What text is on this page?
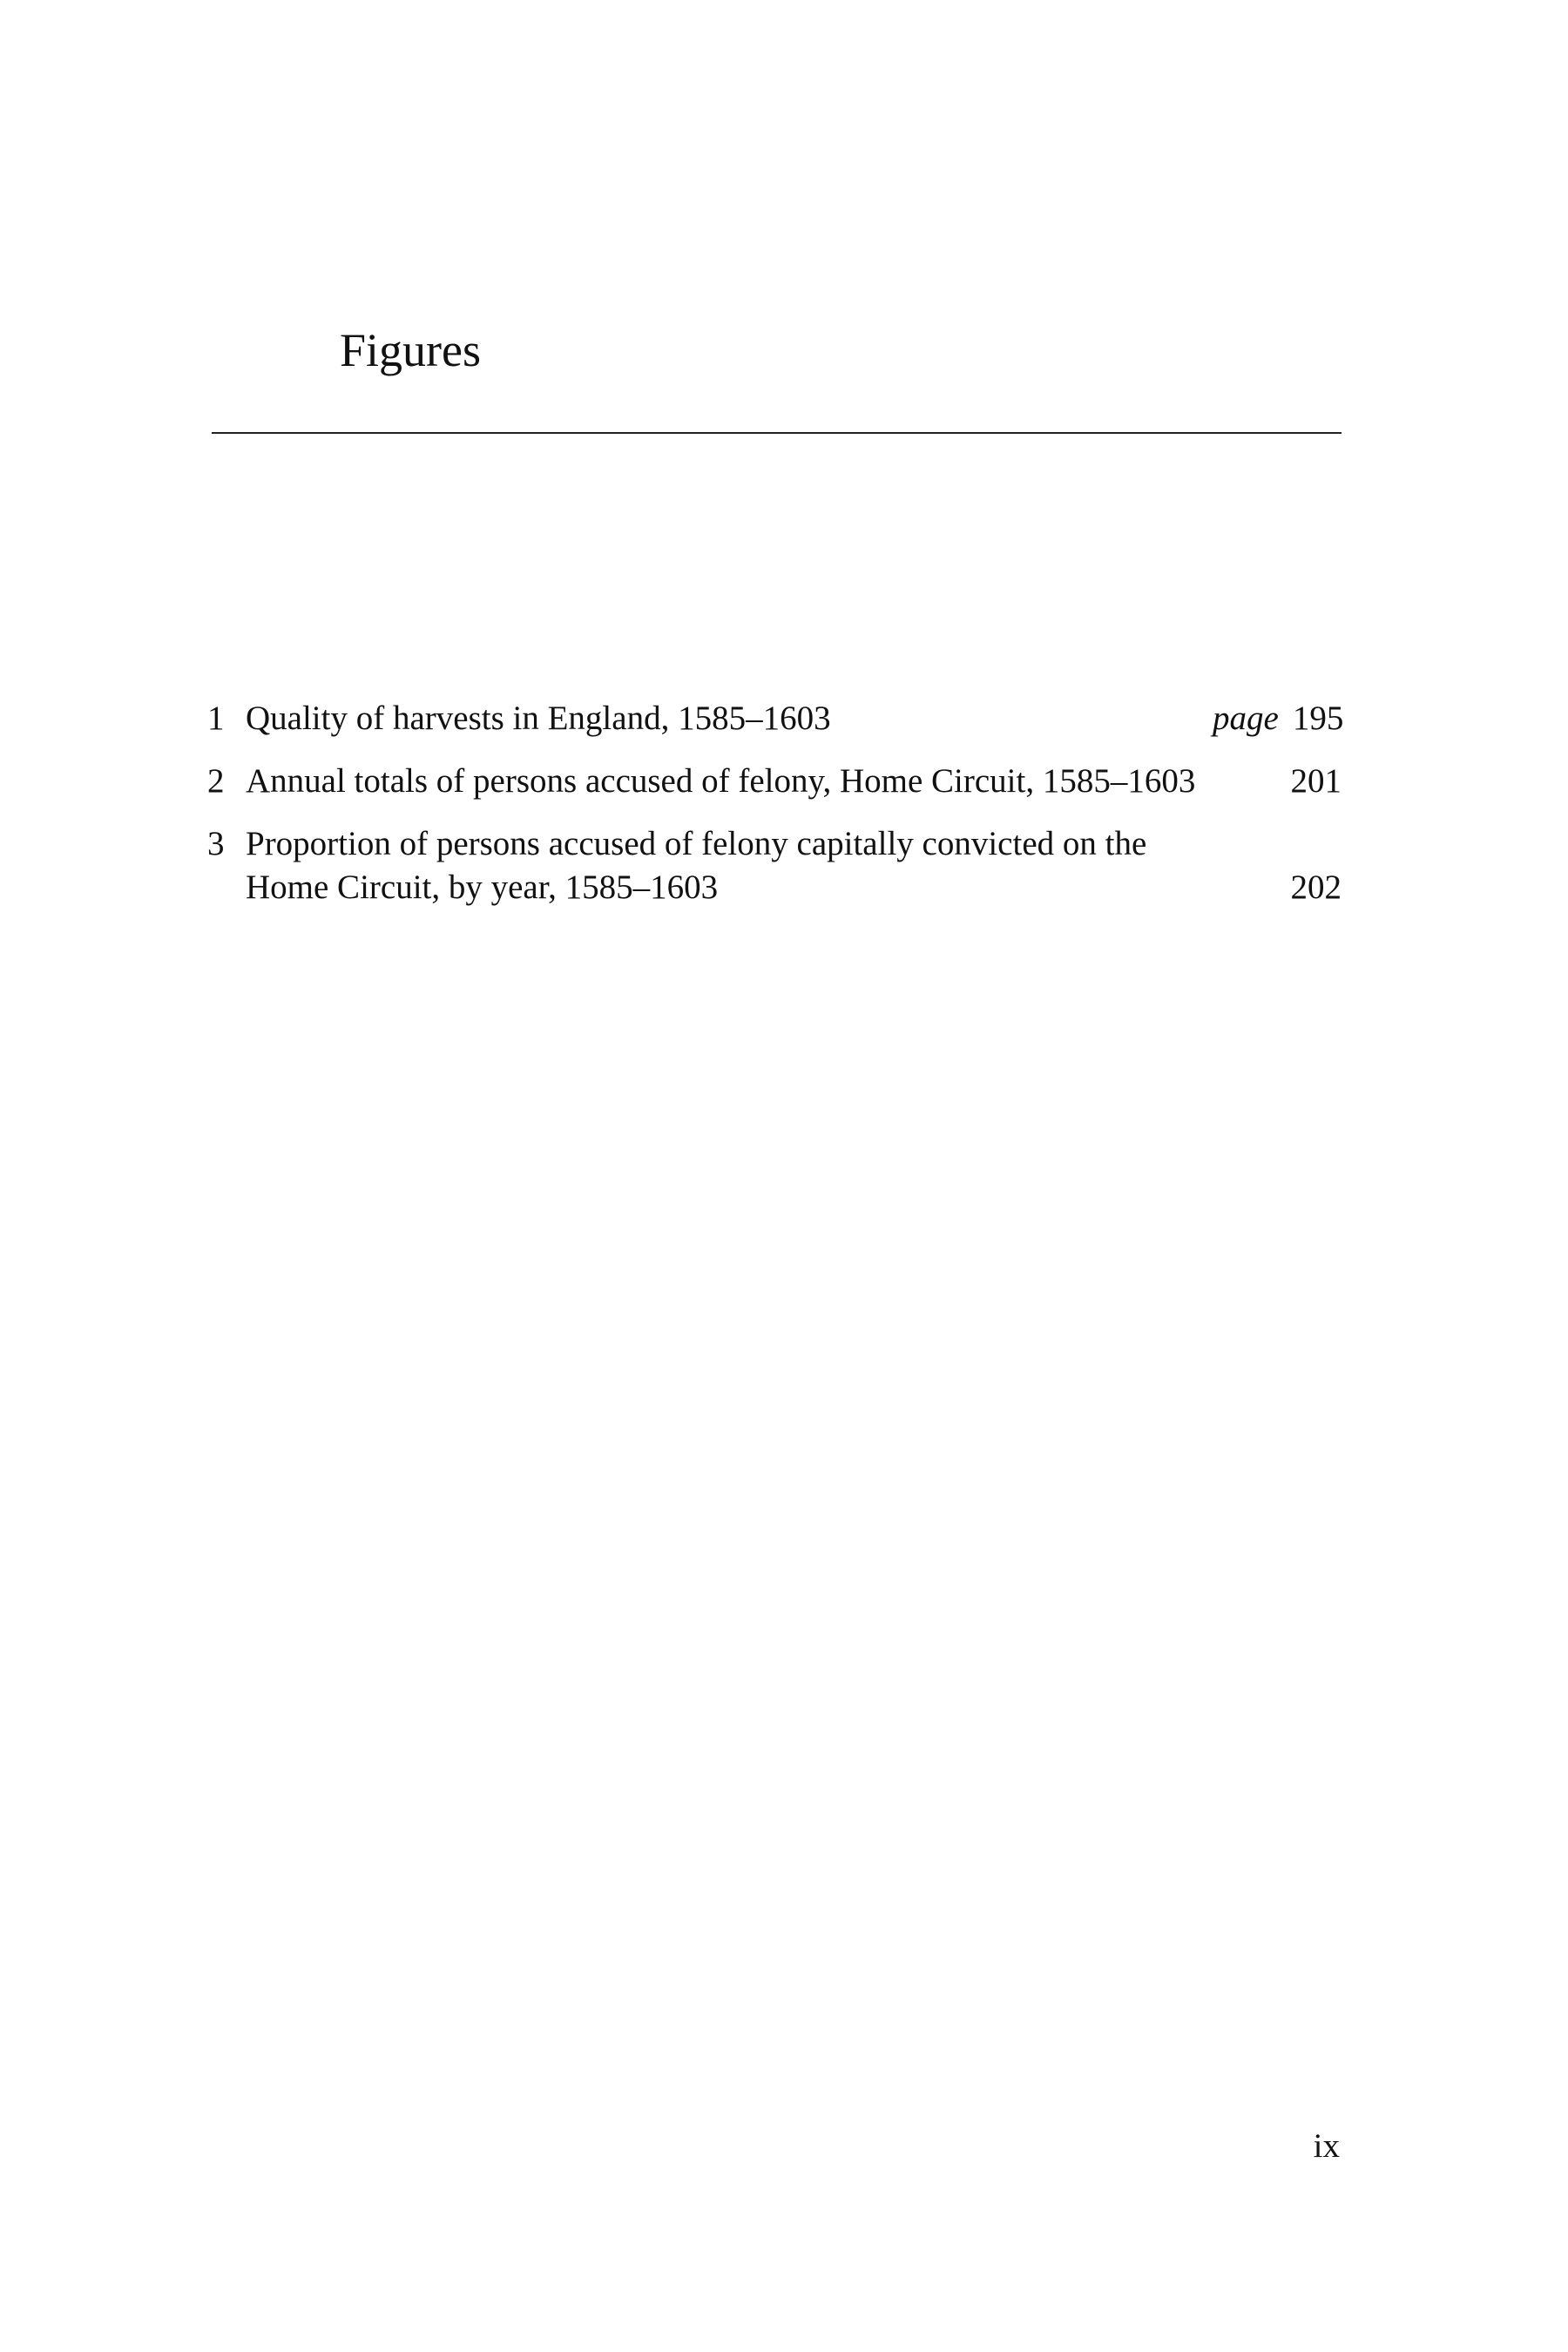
Figures
1 Quality of harvests in England, 1585–1603	page 195
2 Annual totals of persons accused of felony, Home Circuit, 1585–1603	201
3 Proportion of persons accused of felony capitally convicted on the Home Circuit, by year, 1585–1603	202
ix
